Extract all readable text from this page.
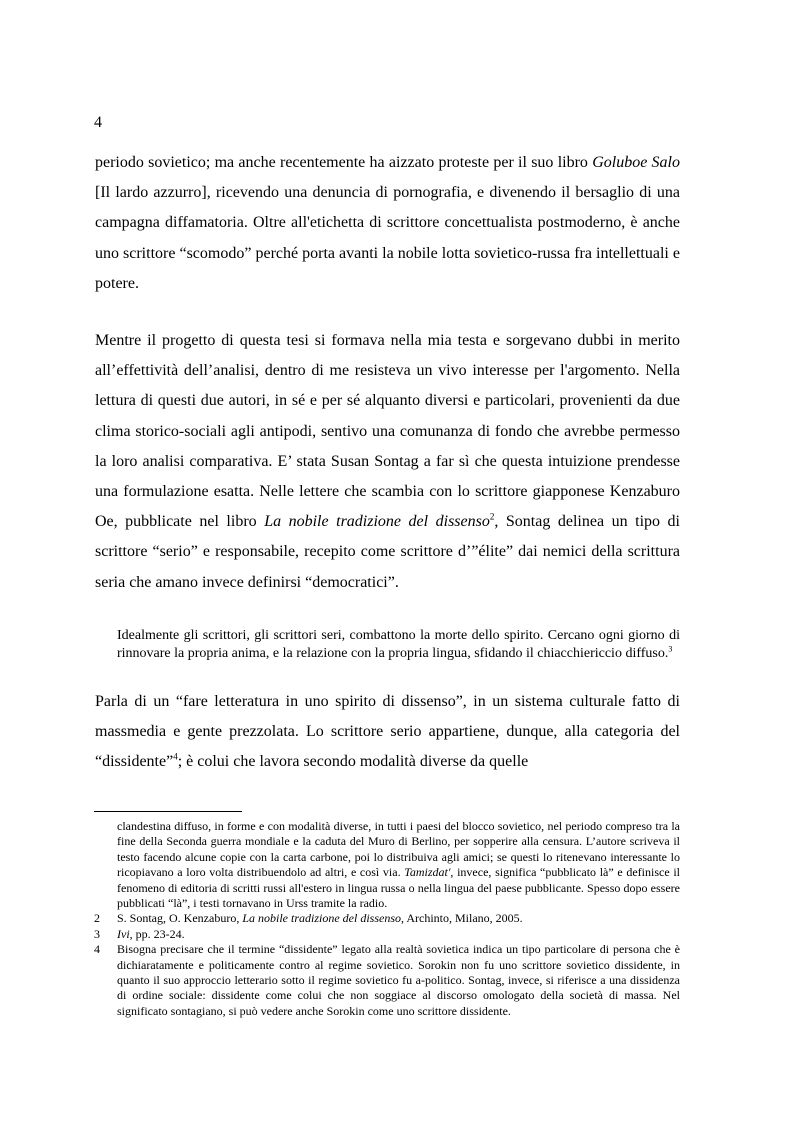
4

periodo sovietico; ma anche recentemente ha aizzato proteste per il suo libro Goluboe Salo [Il lardo azzurro], ricevendo una denuncia di pornografia, e divenendo il bersaglio di una campagna diffamatoria. Oltre all'etichetta di scrittore concettualista postmoderno, è anche uno scrittore “scomodo” perché porta avanti la nobile lotta sovietico-russa fra intellettuali e potere.

Mentre il progetto di questa tesi si formava nella mia testa e sorgevano dubbi in merito all’effettività dell’analisi, dentro di me resisteva un vivo interesse per l'argomento. Nella lettura di questi due autori, in sé e per sé alquanto diversi e particolari, provenienti da due clima storico-sociali agli antipodi, sentivo una comunanza di fondo che avrebbe permesso la loro analisi comparativa. E’ stata Susan Sontag a far sì che questa intuizione prendesse una formulazione esatta. Nelle lettere che scambia con lo scrittore giapponese Kenzaburo Oe, pubblicate nel libro La nobile tradizione del dissenso$^2$, Sontag delinea un tipo di scrittore “serio” e responsabile, recepito come scrittore d’”élite” dai nemici della scrittura seria che amano invece definirsi “democratici”.

Idealmente gli scrittori, gli scrittori seri, combattono la morte dello spirito. Cercano ogni giorno di rinnovare la propria anima, e la relazione con la propria lingua, sfidando il chiacchiericcio diffuso.$^3$

Parla di un “fare letteratura in uno spirito di dissenso”, in un sistema culturale fatto di massmedia e gente prezzolata. Lo scrittore serio appartiene, dunque, alla categoria del “dissidente”$^4$; è colui che lavora secondo modalità diverse da quelle

clandestina diffuso, in forme e con modalità diverse, in tutti i paesi del blocco sovietico, nel periodo compreso tra la fine della Seconda guerra mondiale e la caduta del Muro di Berlino, per sopperire alla censura. L’autore scriveva il testo facendo alcune copie con la carta carbone, poi lo distribuiva agli amici; se questi lo ritenevano interessante lo ricopiavano a loro volta distribuendolo ad altri, e così via. Tamizdat', invece, significa “pubblicato là” e definisce il fenomeno di editoria di scritti russi all'estero in lingua russa o nella lingua del paese pubblicante. Spesso dopo essere pubblicati “là”, i testi tornavano in Urss tramite la radio.
2	S. Sontag, O. Kenzaburo, La nobile tradizione del dissenso, Archinto, Milano, 2005.
3	Ivi, pp. 23-24.
4	Bisogna precisare che il termine “dissidente” legato alla realtà sovietica indica un tipo particolare di persona che è dichiaratamente e politicamente contro al regime sovietico. Sorokin non fu uno scrittore sovietico dissidente, in quanto il suo approccio letterario sotto il regime sovietico fu a-politico. Sontag, invece, si riferisce a una dissidenza di ordine sociale: dissidente come colui che non soggiace al discorso omologato della società di massa. Nel significato sontagiano, si può vedere anche Sorokin come uno scrittore dissidente.
